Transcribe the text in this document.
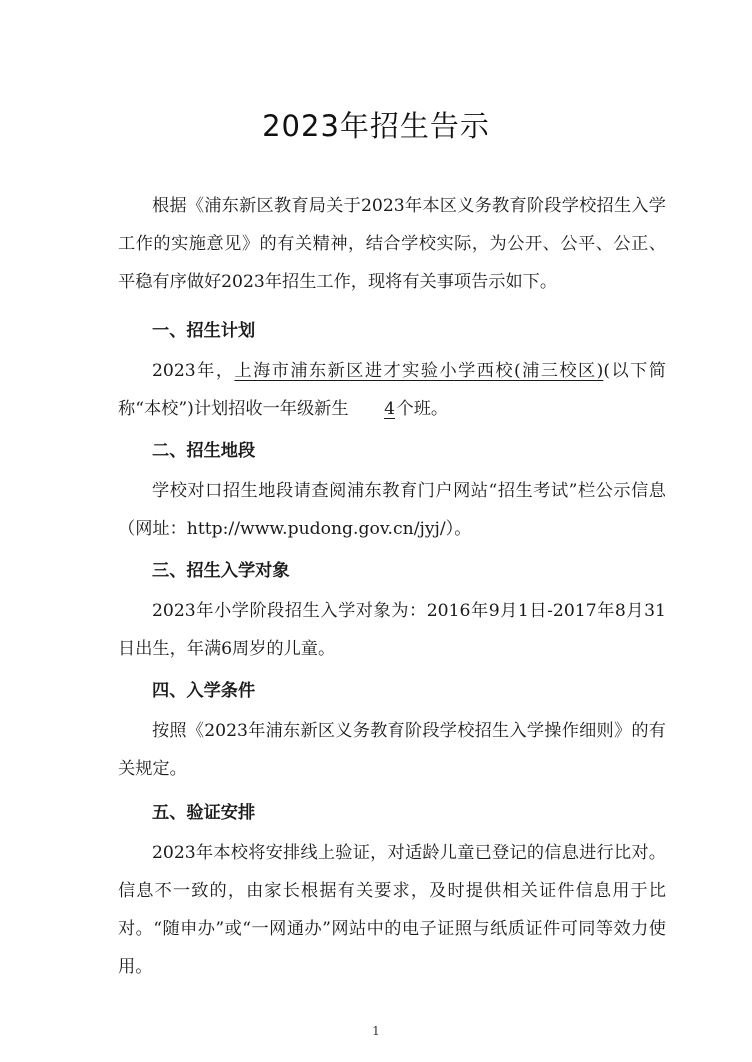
2023年招生告示

根据《浦东新区教育局关于2023年本区义务教育阶段学校招生入学工作的实施意见》的有关精神，结合学校实际，为公开、公平、公正、平稳有序做好2023年招生工作，现将有关事项告示如下。

一、招生计划

2023年，上海市浦东新区进才实验小学西校(浦三校区)(以下简称“本校”)计划招收一年级新生 4个班。

二、招生地段

学校对口招生地段请查阅浦东教育门户网站“招生考试”栏公示信息（网址：http://www.pudong.gov.cn/jyj/）。

三、招生入学对象

2023年小学阶段招生入学对象为：2016年9月1日-2017年8月31日出生，年满6周岁的儿童。

四、入学条件

按照《2023年浦东新区义务教育阶段学校招生入学操作细则》的有关规定。

五、验证安排

2023年本校将安排线上验证，对适龄儿童已登记的信息进行比对。信息不一致的，由家长根据有关要求，及时提供相关证件信息用于比对。“随申办”或“一网通办”网站中的电子证照与纸质证件可同等效力使用。

1
